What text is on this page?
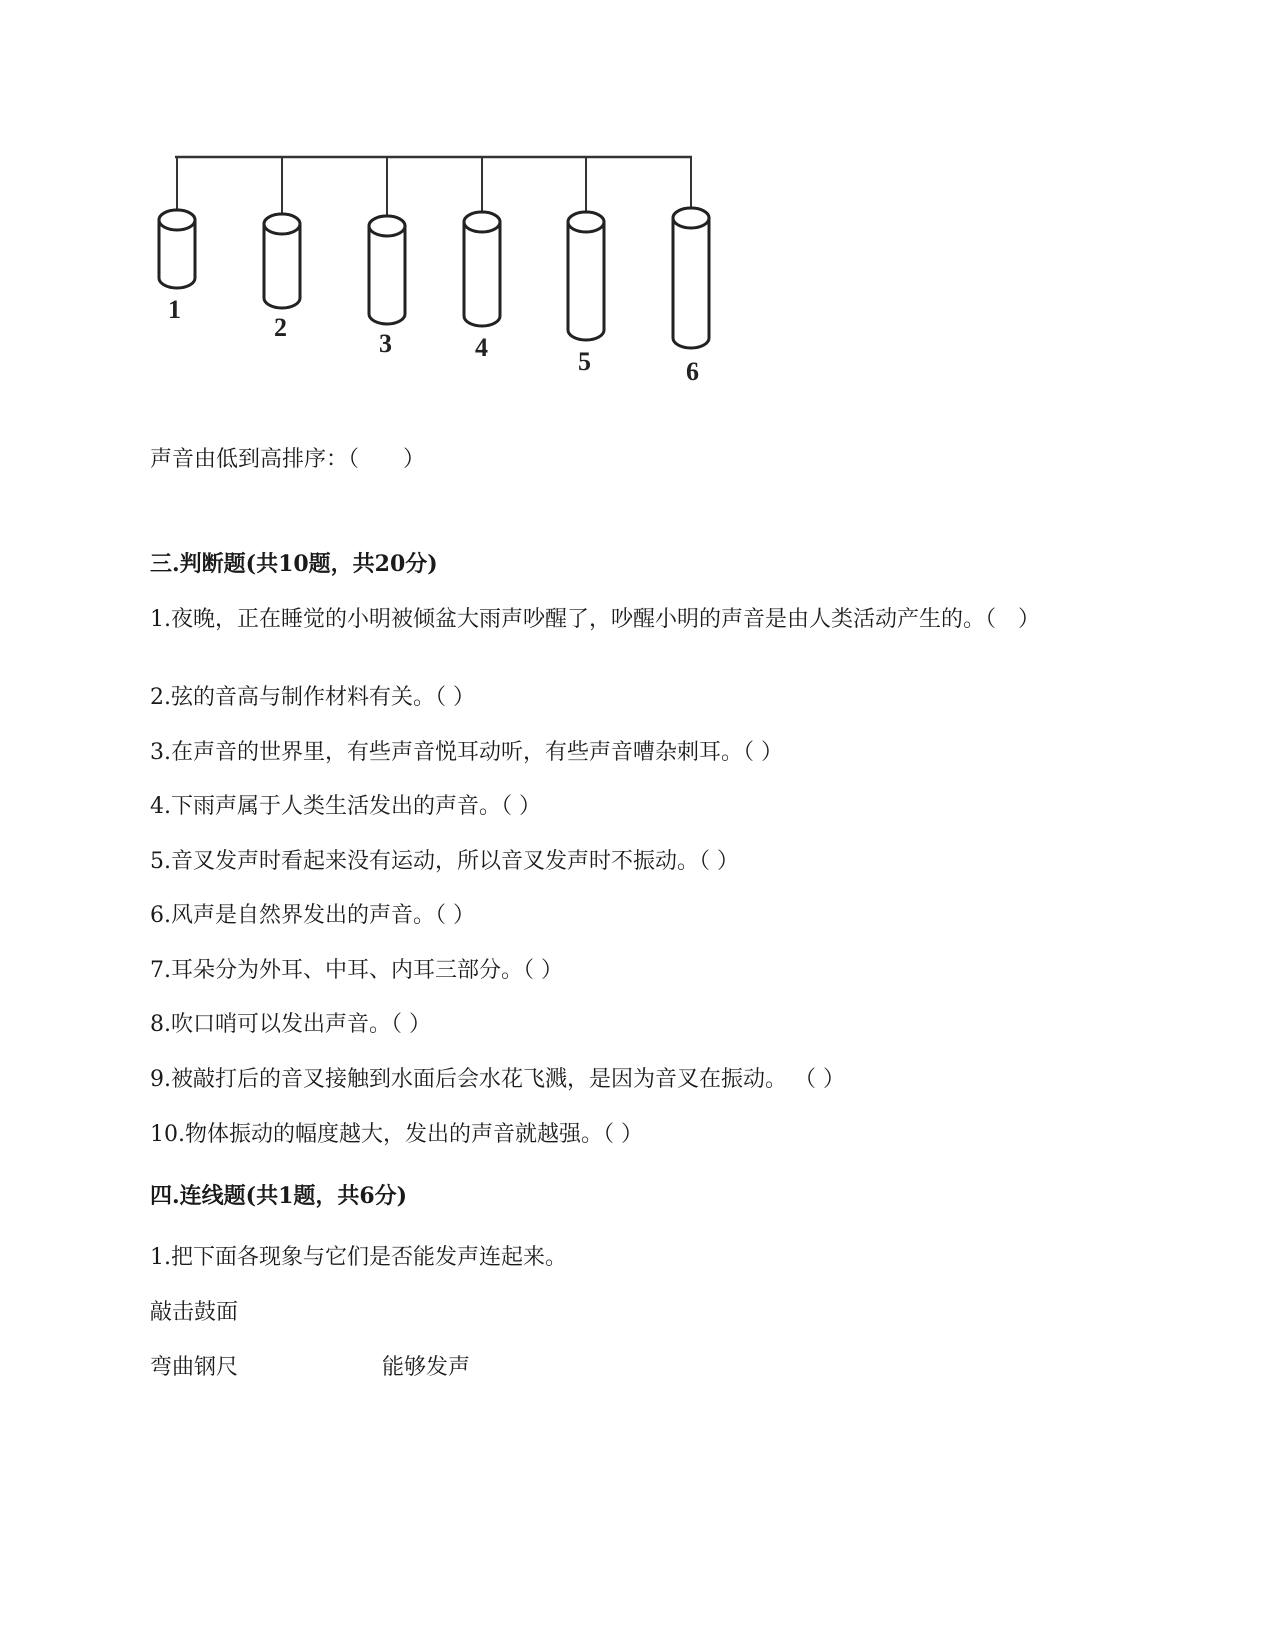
1
2
3	4	5	6
声音由低到高排序：（　　）
三.判断题(共10题，共20分)
1.夜晚，正在睡觉的小明被倾盆大雨声吵醒了，吵醒小明的声音是由人类活动产生的。（　）
2.弦的音高与制作材料有关。（ ）
3.在声音的世界里，有些声音悦耳动听，有些声音嘈杂刺耳。（ ）
4.下雨声属于人类生活发出的声音。（ ）
5.音叉发声时看起来没有运动，所以音叉发声时不振动。（ ）
6.风声是自然界发出的声音。（ ）
7.耳朵分为外耳、中耳、内耳三部分。（ ）
8.吹口哨可以发出声音。（ ）
9.被敲打后的音叉接触到水面后会水花飞溅，是因为音叉在振动。 （ ）
10.物体振动的幅度越大，发出的声音就越强。（ ）
四.连线题(共1题，共6分)
1.把下面各现象与它们是否能发声连起来。
敲击鼓面
弯曲钢尺	能够发声
